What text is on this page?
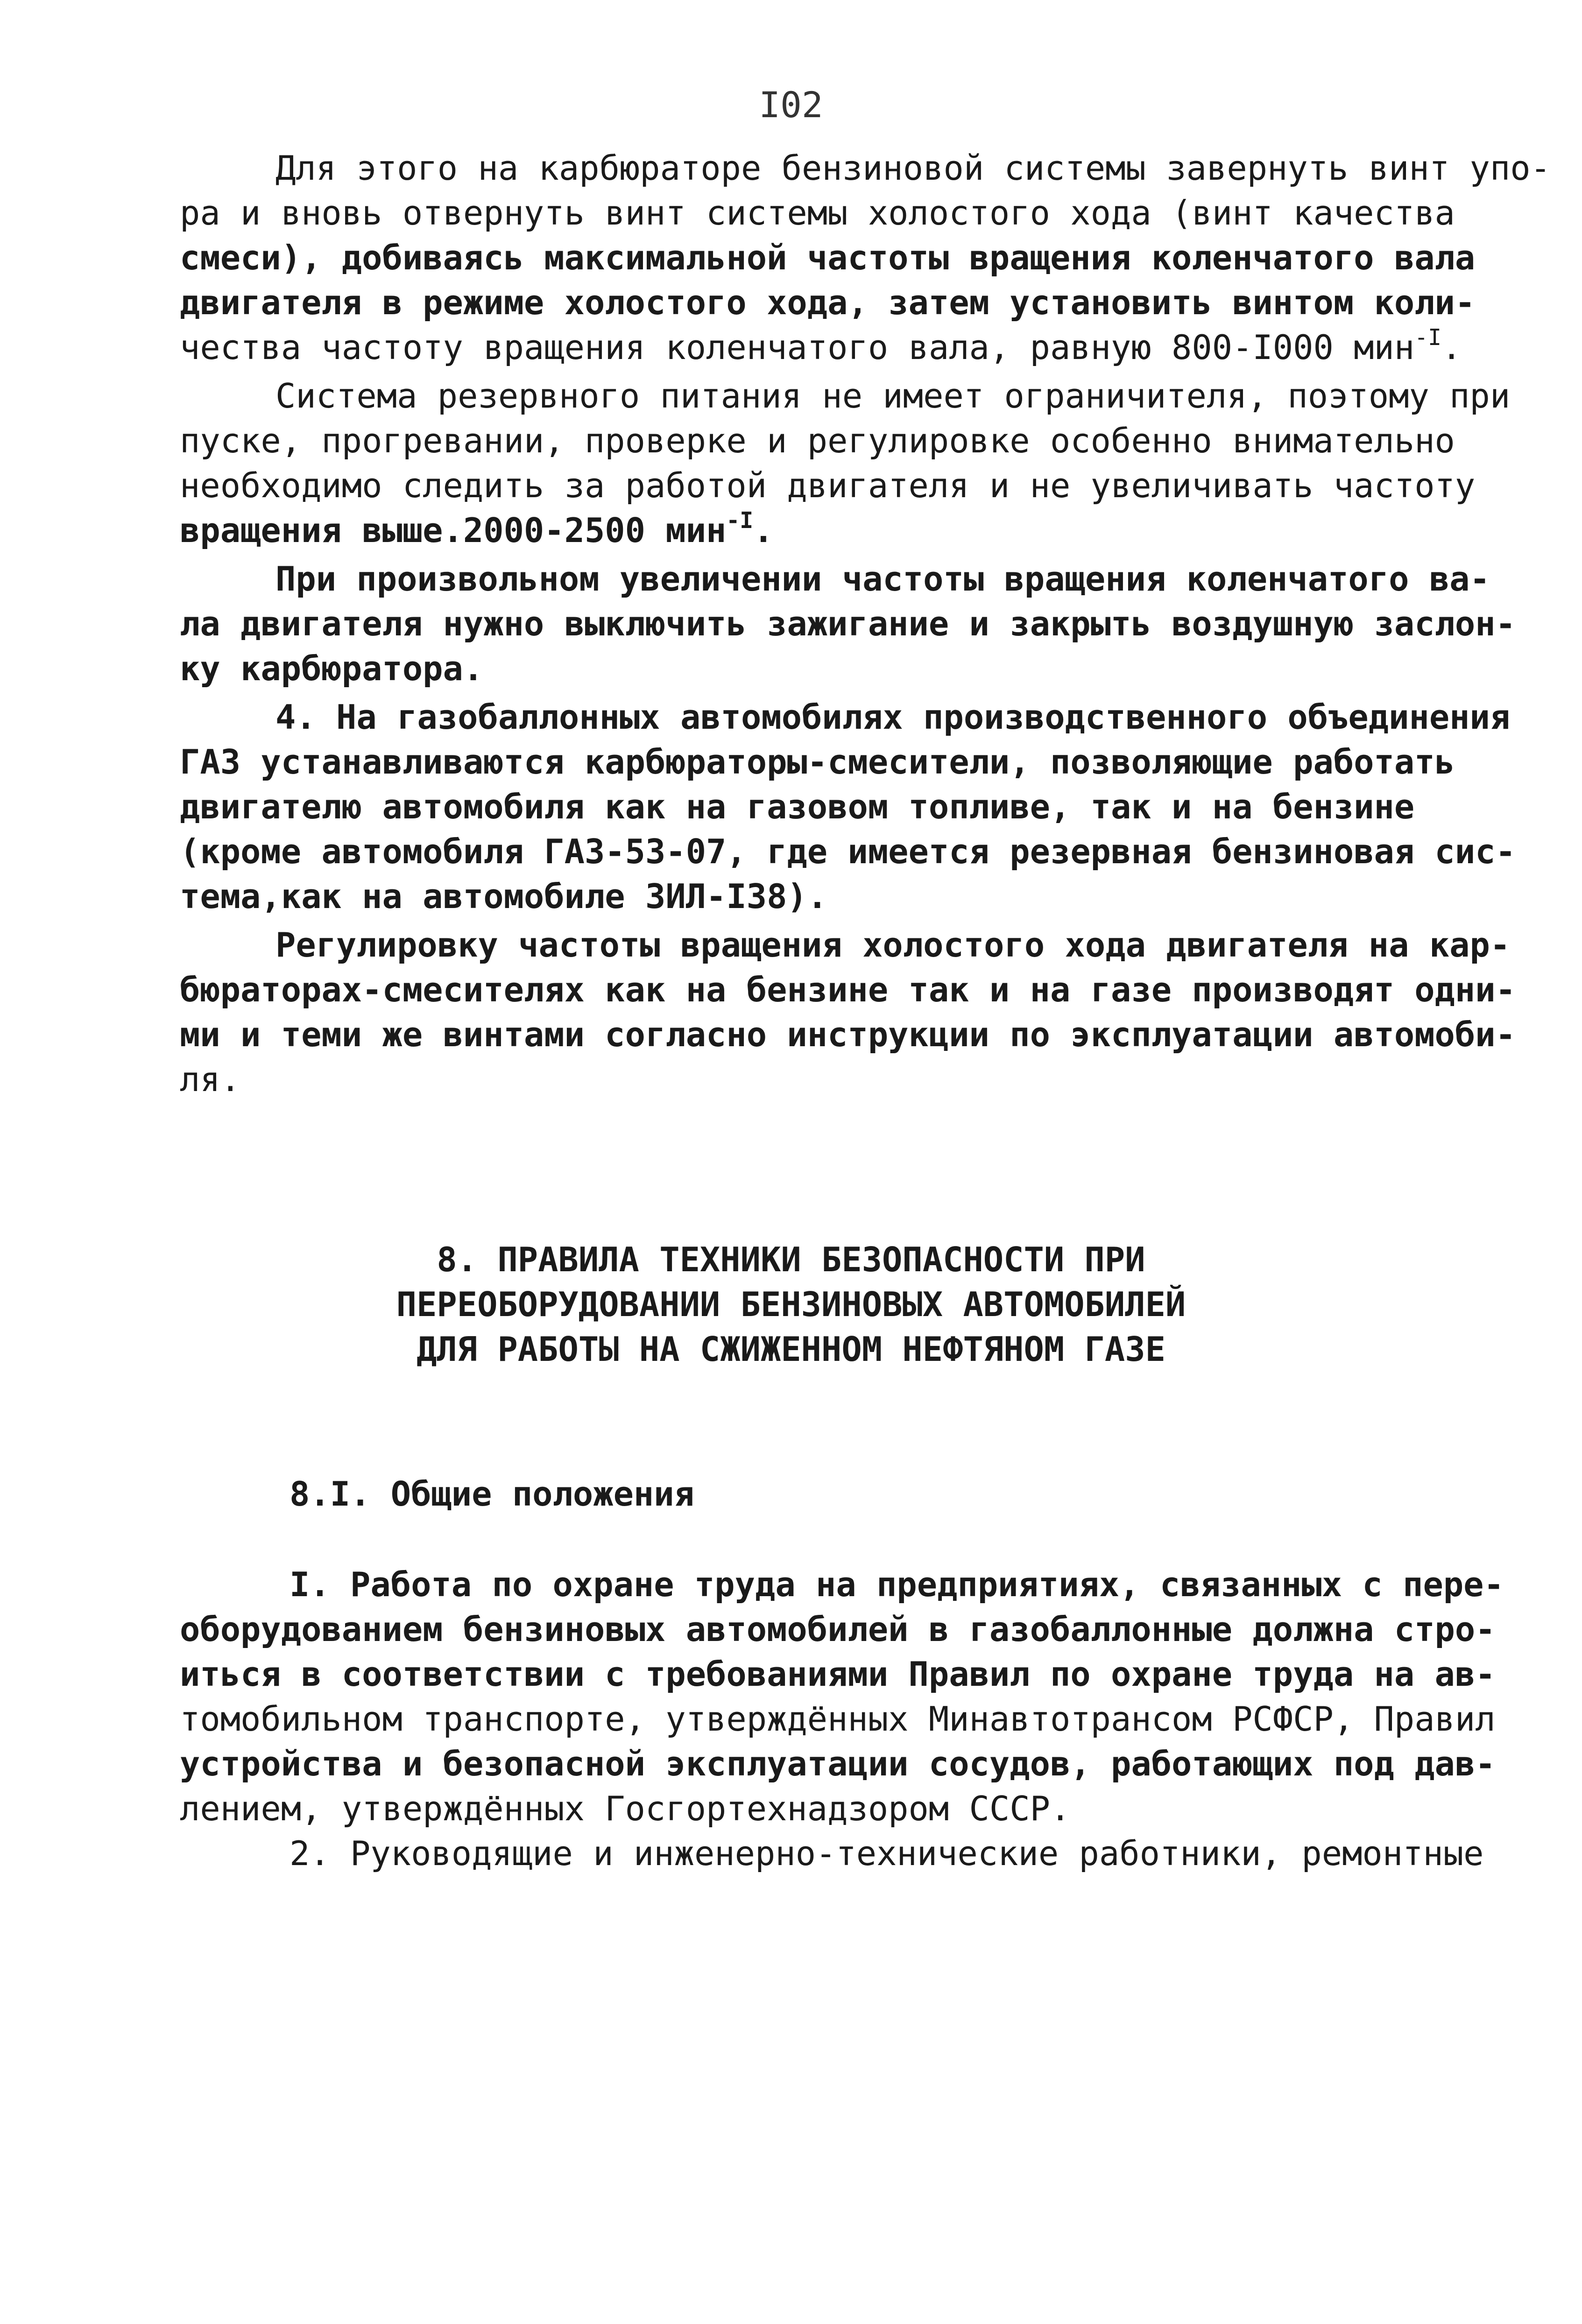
I02
Для этого на карбюраторе бензиновой системы завернуть винт упо-
ра и вновь отвернуть винт системы холостого хода (винт качества
смеси), добиваясь максимальной частоты вращения коленчатого вала
двигателя в режиме холостого хода, затем установить винтом коли-
чества частоту вращения коленчатого вала, равную 800-I000 мин$^{-I}$.
Система резервного питания не имеет ограничителя, поэтому при
пуске, прогревании, проверке и регулировке особенно внимательно
необходимо следить за работой двигателя и не увеличивать частоту
вращения выше.2000-2500 мин$^{-I}$.
При произвольном увеличении частоты вращения коленчатого ва-
ла двигателя нужно выключить зажигание и закрыть воздушную заслон-
ку карбюратора.
4. На газобаллонных автомобилях производственного объединения
ГАЗ устанавливаются карбюраторы-смесители, позволяющие работать
двигателю автомобиля как на газовом топливе, так и на бензине
(кроме автомобиля ГАЗ-53-07, где имеется резервная бензиновая сис-
тема,как на автомобиле ЗИЛ-I38).
Регулировку частоты вращения холостого хода двигателя на кар-
бюраторах-смесителях как на бензине так и на газе производят одни-
ми и теми же винтами согласно инструкции по эксплуатации автомоби-
ля.
8. ПРАВИЛА ТЕХНИКИ БЕЗОПАСНОСТИ ПРИ
ПЕРЕОБОРУДОВАНИИ БЕНЗИНОВЫХ АВТОМОБИЛЕЙ
ДЛЯ РАБОТЫ НА СЖИЖЕННОМ НЕФТЯНОМ ГАЗЕ
8.I. Общие положения
I. Работа по охране труда на предприятиях, связанных с пере-
оборудованием бензиновых автомобилей в газобаллонные должна стро-
иться в соответствии с требованиями Правил по охране труда на ав-
томобильном транспорте, утверждённых Минавтотрансом РСФСР, Правил
устройства и безопасной эксплуатации сосудов, работающих под дав-
лением, утверждённых Госгортехнадзором СССР.
2. Руководящие и инженерно-технические работники, ремонтные
